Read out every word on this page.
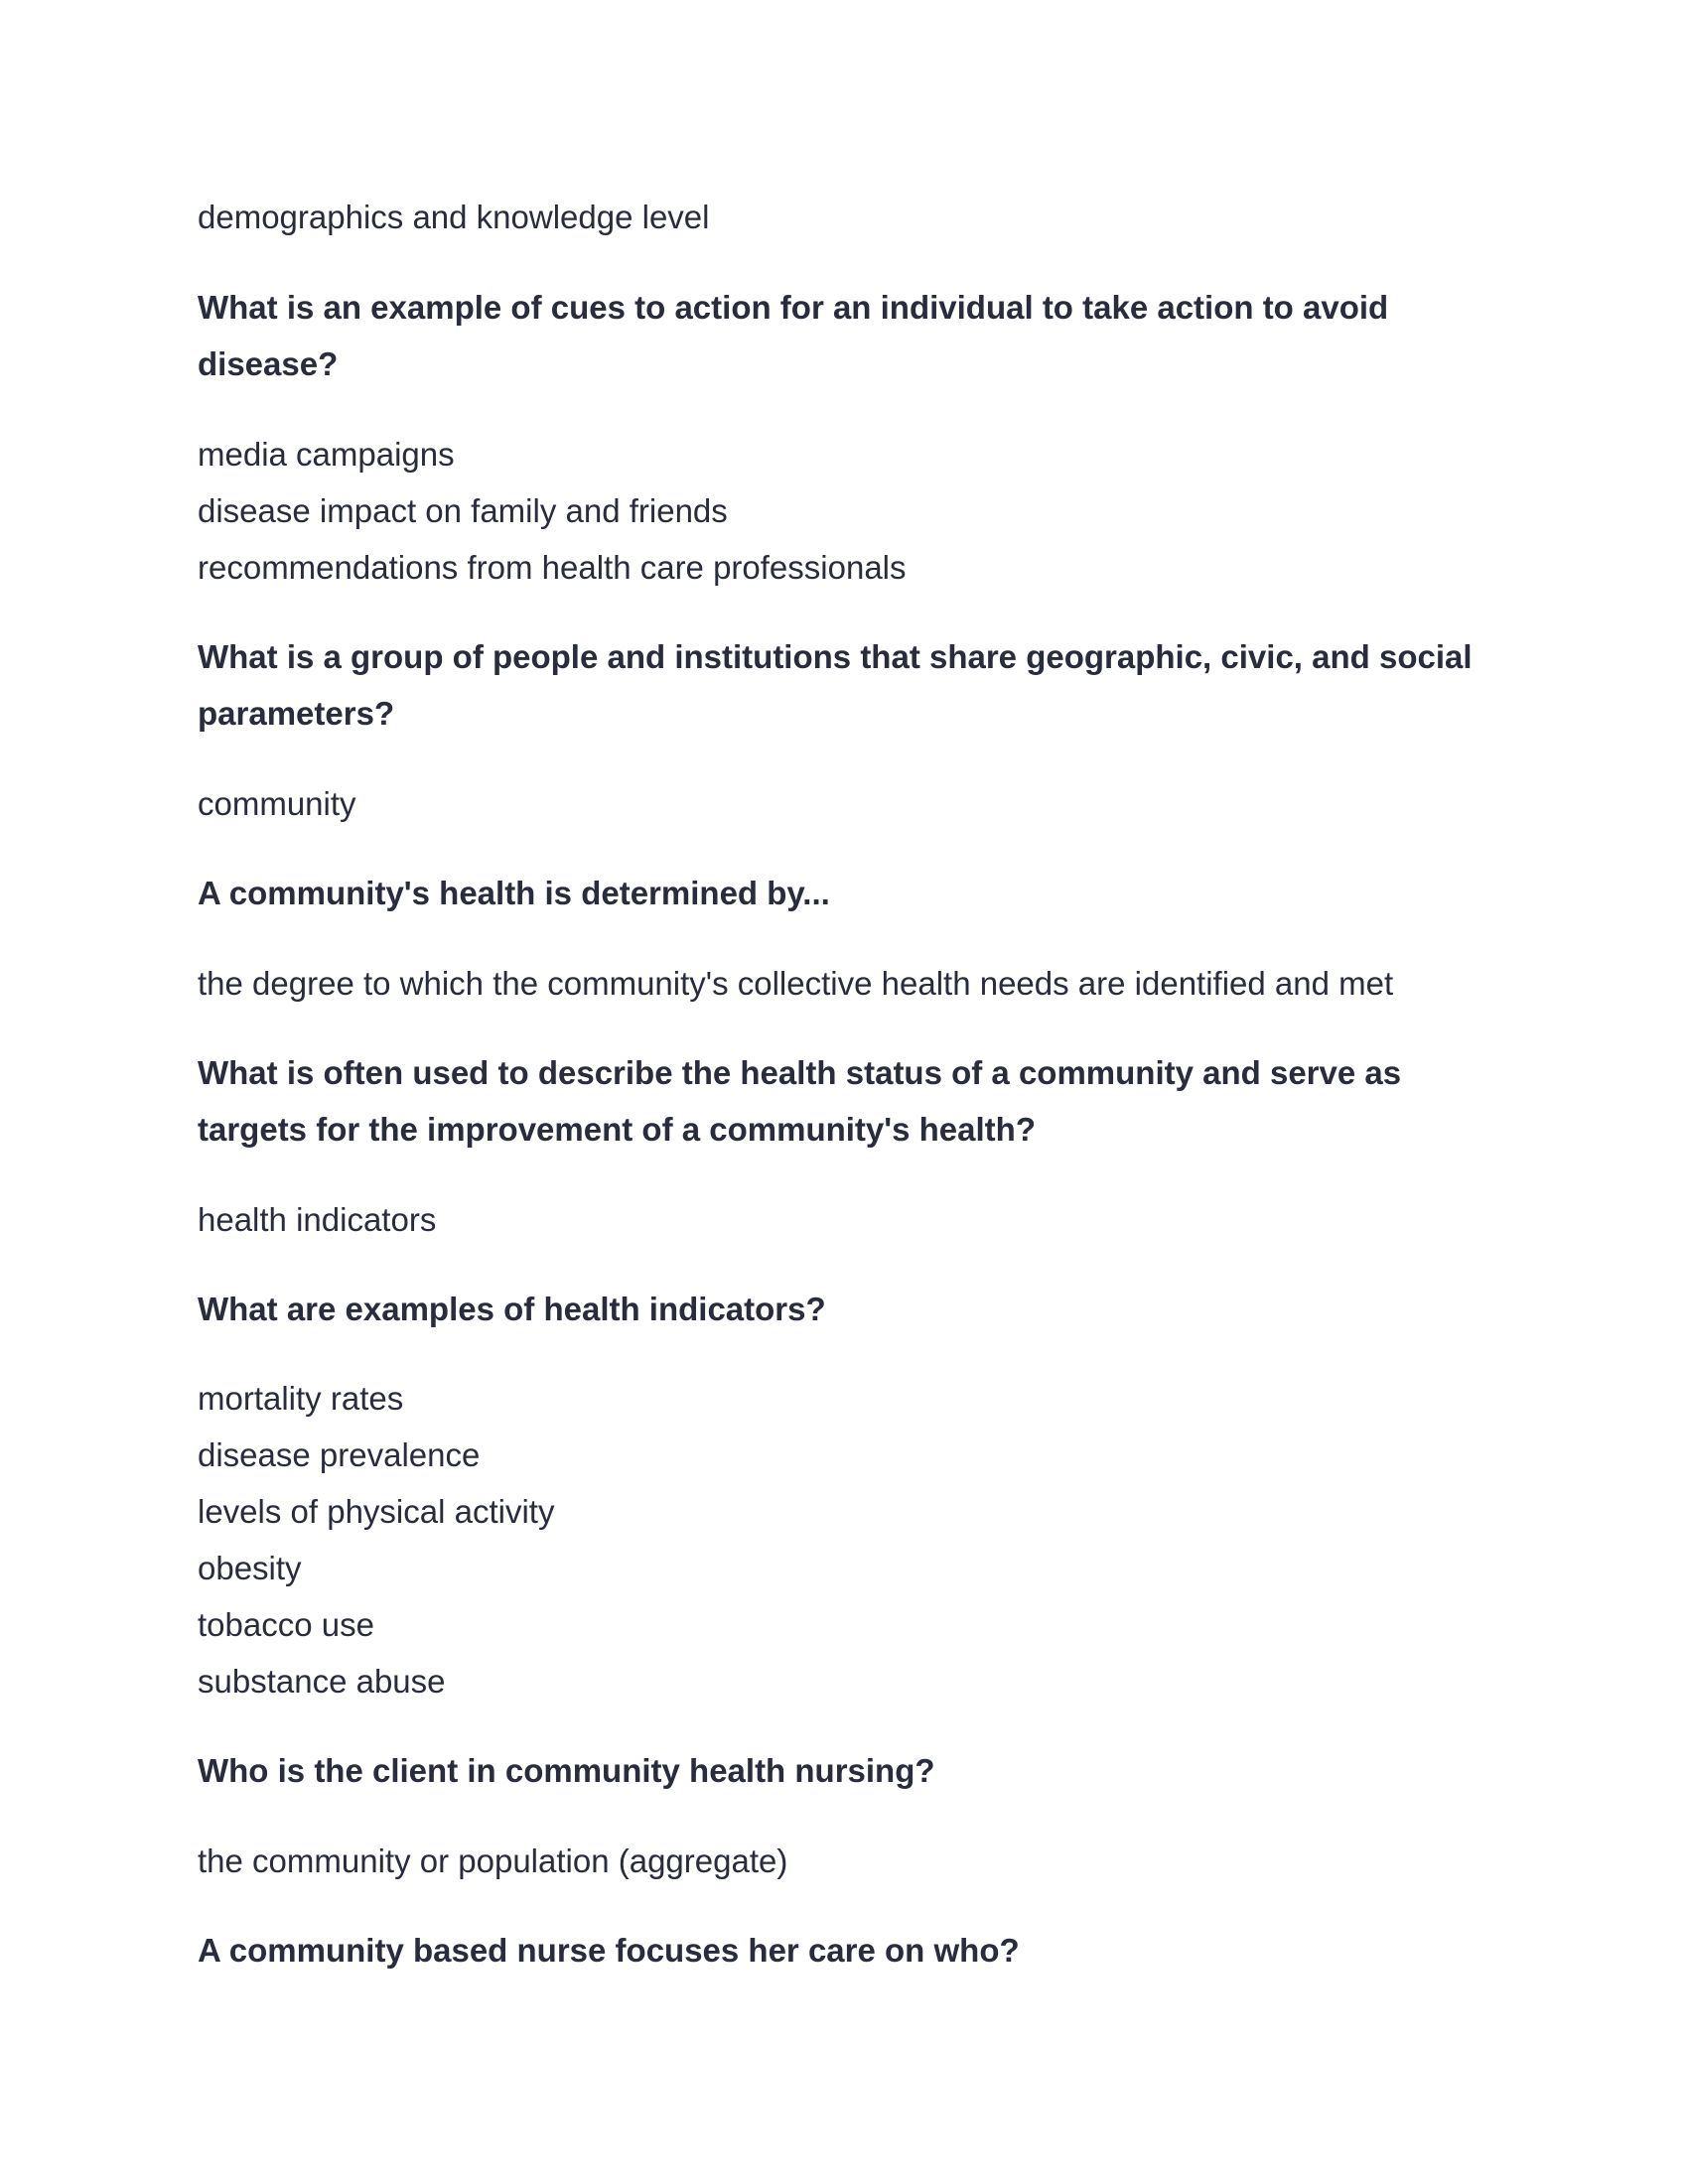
demographics and knowledge level

What is an example of cues to action for an individual to take action to avoid

disease?

media campaigns

disease impact on family and friends

recommendations from health care professionals

What is a group of people and institutions that share geographic, civic, and social

parameters?

community

A community's health is determined by...

the degree to which the community's collective health needs are identified and met

What is often used to describe the health status of a community and serve as

targets for the improvement of a community's health?

health indicators

What are examples of health indicators?

mortality rates

disease prevalence

levels of physical activity

obesity

tobacco use

substance abuse

Who is the client in community health nursing?

the community or population (aggregate)

A community based nurse focuses her care on who?
